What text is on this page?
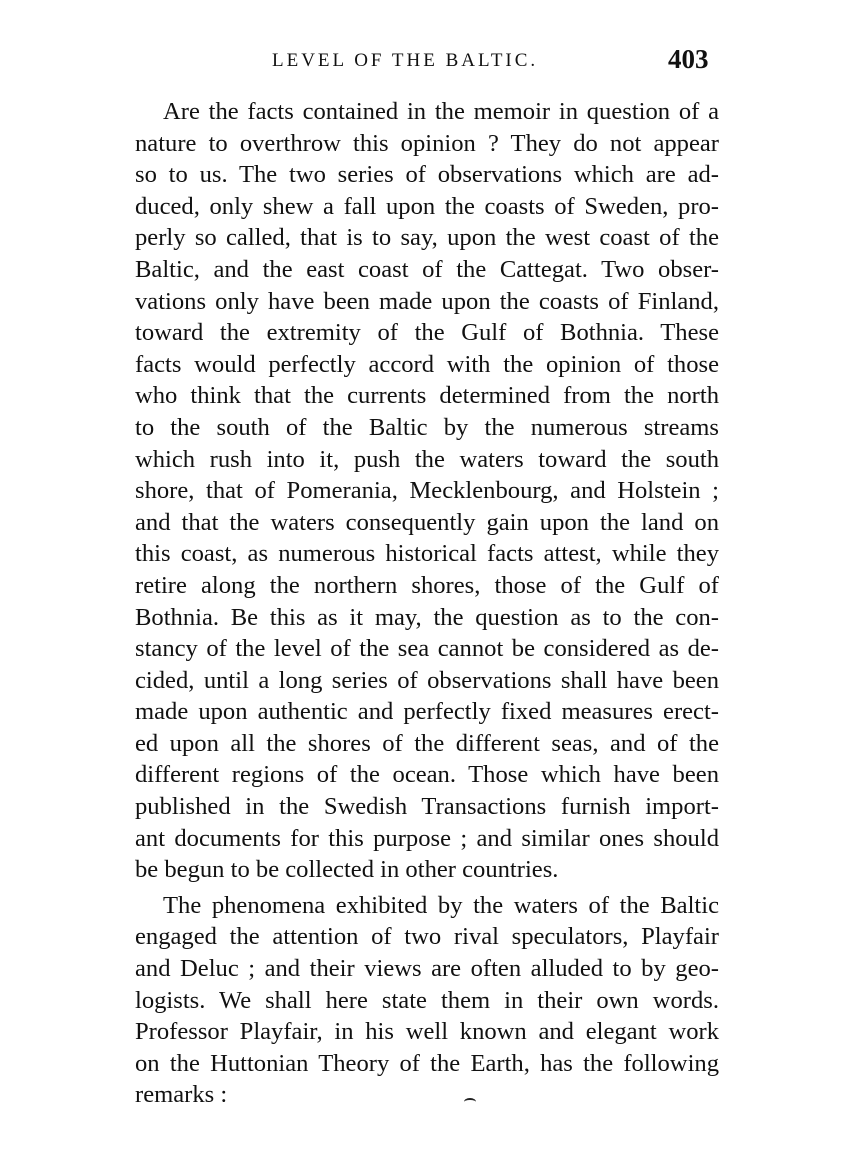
LEVEL OF THE BALTIC.	403

Are the facts contained in the memoir in question of a
nature to overthrow this opinion ? They do not appear
so to us. The two series of observations which are ad-
duced, only shew a fall upon the coasts of Sweden, pro-
perly so called, that is to say, upon the west coast of the
Baltic, and the east coast of the Cattegat. Two obser-
vations only have been made upon the coasts of Finland,
toward the extremity of the Gulf of Bothnia. These
facts would perfectly accord with the opinion of those
who think that the currents determined from the north
to the south of the Baltic by the numerous streams
which rush into it, push the waters toward the south
shore, that of Pomerania, Mecklenbourg, and Holstein ;
and that the waters consequently gain upon the land on
this coast, as numerous historical facts attest, while they
retire along the northern shores, those of the Gulf of
Bothnia. Be this as it may, the question as to the con-
stancy of the level of the sea cannot be considered as de-
cided, until a long series of observations shall have been
made upon authentic and perfectly fixed measures erect-
ed upon all the shores of the different seas, and of the
different regions of the ocean. Those which have been
published in the Swedish Transactions furnish import-
ant documents for this purpose ; and similar ones should
be begun to be collected in other countries.

The phenomena exhibited by the waters of the Baltic
engaged the attention of two rival speculators, Playfair
and Deluc ; and their views are often alluded to by geo-
logists. We shall here state them in their own words.
Professor Playfair, in his well known and elegant work
on the Huttonian Theory of the Earth, has the following
remarks :
